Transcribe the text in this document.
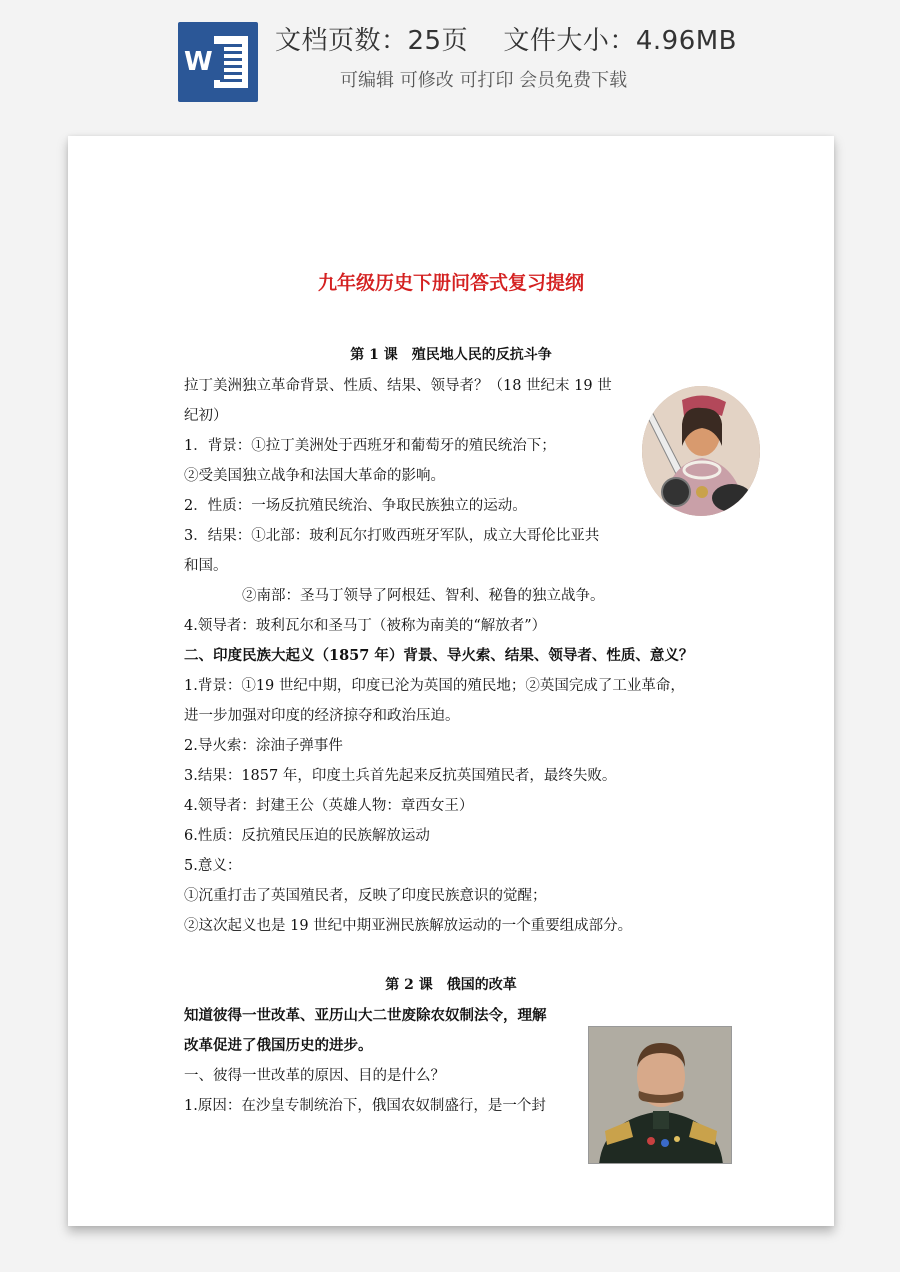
W
文档页数：25页　 文件大小：4.96MB
可编辑 可修改 可打印 会员免费下载
九年级历史下册问答式复习提纲
第 1 课　殖民地人民的反抗斗争
拉丁美洲独立革命背景、性质、结果、领导者？（18 世纪末 19 世
纪初）
1．背景：①拉丁美洲处于西班牙和葡萄牙的殖民统治下；
②受美国独立战争和法国大革命的影响。
2．性质：一场反抗殖民统治、争取民族独立的运动。
3．结果：①北部：玻利瓦尔打败西班牙军队，成立大哥伦比亚共
和国。
　　　　②南部：圣马丁领导了阿根廷、智利、秘鲁的独立战争。
4.领导者：玻利瓦尔和圣马丁（被称为南美的“解放者”）
二、印度民族大起义（1857 年）背景、导火索、结果、领导者、性质、意义？
1.背景：①19 世纪中期，印度已沦为英国的殖民地；②英国完成了工业革命，
进一步加强对印度的经济掠夺和政治压迫。
2.导火索：涂油子弹事件
3.结果：1857 年，印度土兵首先起来反抗英国殖民者，最终失败。
4.领导者：封建王公（英雄人物：章西女王）
6.性质：反抗殖民压迫的民族解放运动
5.意义：
①沉重打击了英国殖民者，反映了印度民族意识的觉醒；
②这次起义也是 19 世纪中期亚洲民族解放运动的一个重要组成部分。
第 2 课　俄国的改革
知道彼得一世改革、亚历山大二世废除农奴制法令，理解
改革促进了俄国历史的进步。
一、彼得一世改革的原因、目的是什么？
1.原因：在沙皇专制统治下，俄国农奴制盛行，是一个封
